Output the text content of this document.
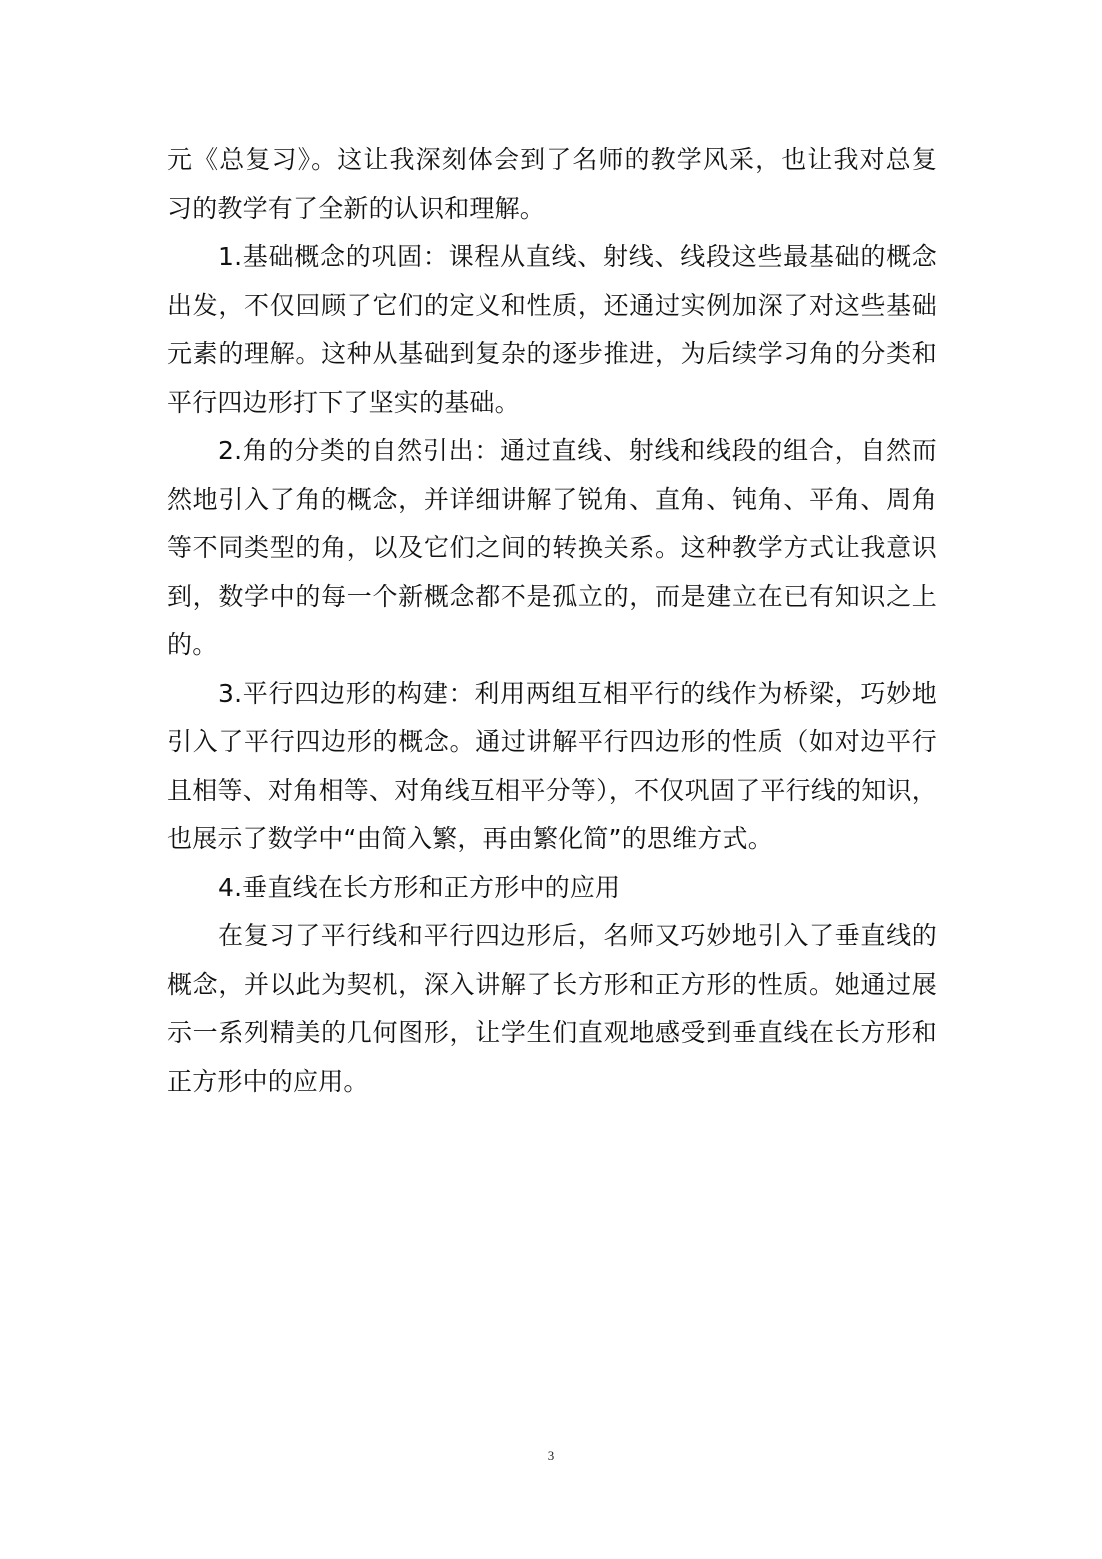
元《总复习》。这让我深刻体会到了名师的教学风采，也让我对总复
习的教学有了全新的认识和理解。
1.基础概念的巩固：课程从直线、射线、线段这些最基础的概念
出发，不仅回顾了它们的定义和性质，还通过实例加深了对这些基础
元素的理解。这种从基础到复杂的逐步推进，为后续学习角的分类和
平行四边形打下了坚实的基础。
2.角的分类的自然引出：通过直线、射线和线段的组合，自然而
然地引入了角的概念，并详细讲解了锐角、直角、钝角、平角、周角
等不同类型的角，以及它们之间的转换关系。这种教学方式让我意识
到，数学中的每一个新概念都不是孤立的，而是建立在已有知识之上
的。
3.平行四边形的构建：利用两组互相平行的线作为桥梁，巧妙地
引入了平行四边形的概念。通过讲解平行四边形的性质（如对边平行
且相等、对角相等、对角线互相平分等），不仅巩固了平行线的知识，
也展示了数学中“由简入繁，再由繁化简”的思维方式。
4.垂直线在长方形和正方形中的应用
在复习了平行线和平行四边形后，名师又巧妙地引入了垂直线的
概念，并以此为契机，深入讲解了长方形和正方形的性质。她通过展
示一系列精美的几何图形，让学生们直观地感受到垂直线在长方形和
正方形中的应用。
3
